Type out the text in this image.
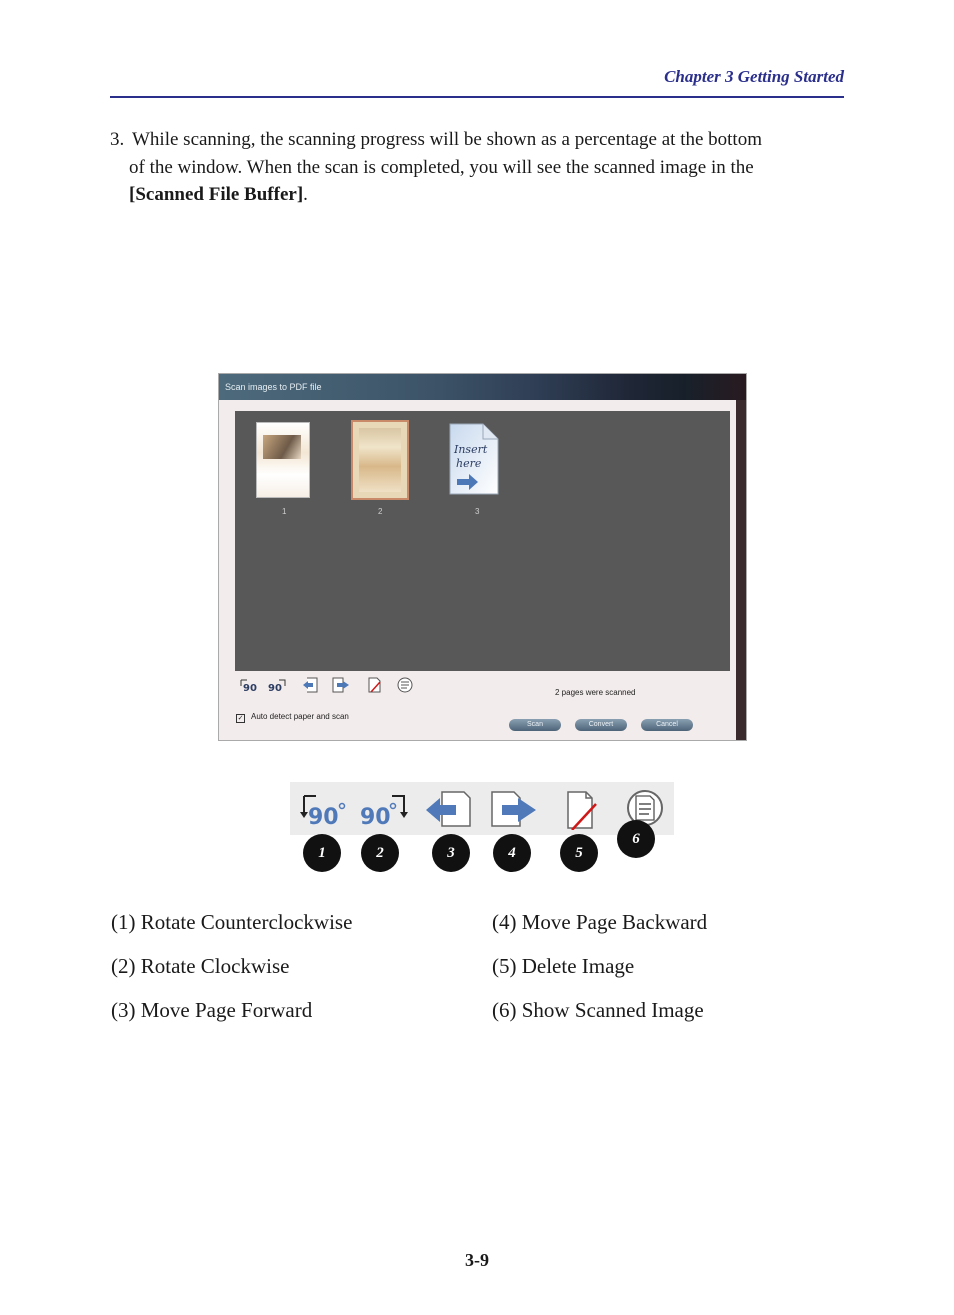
Chapter 3 Getting Started
3. While scanning, the scanning progress will be shown as a percentage at the bottom
of the window. When the scan is completed, you will see the scanned image in the
[Scanned File Buffer].
Scan images to PDF file
1	2
Insert
here
3
90 90	2 pages were scanned
✓ Auto detect paper and scan
Scan	Convert	Cancel
90 90
1	2	3	4	5
6
(1) Rotate Counterclockwise
(2) Rotate Clockwise
(3) Move Page Forward
(4) Move Page Backward
(5) Delete Image
(6) Show Scanned Image
3-9
